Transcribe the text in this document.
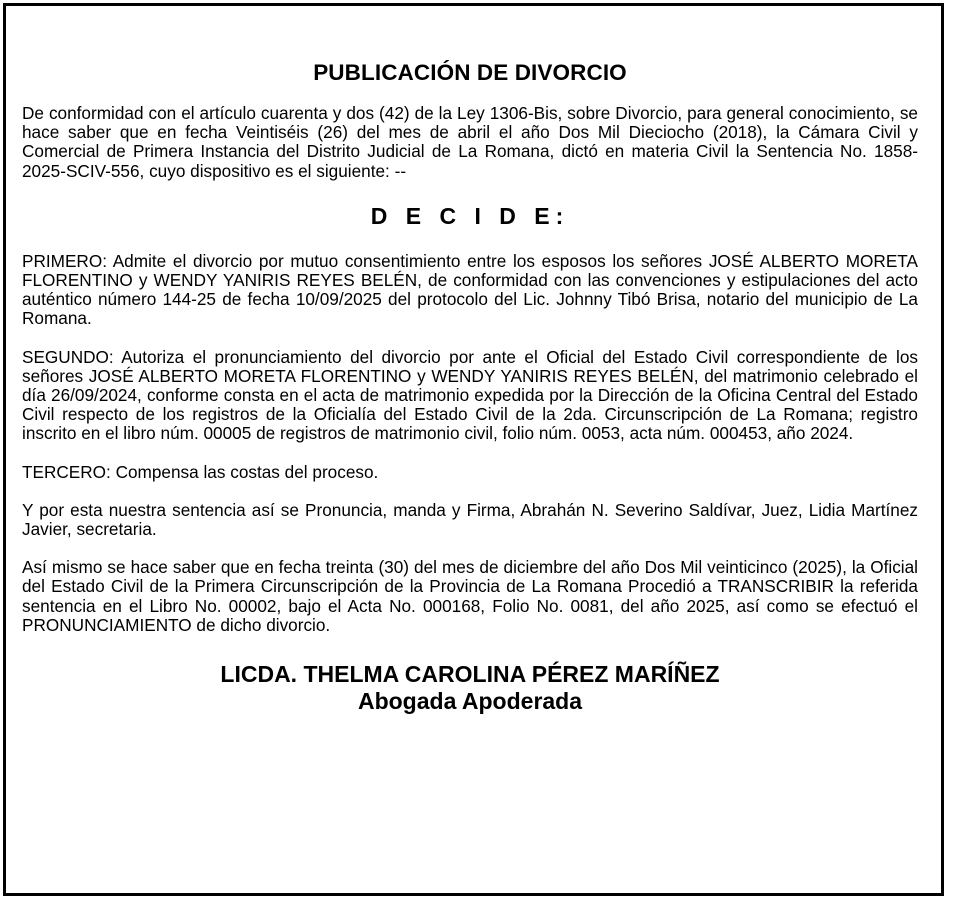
PUBLICACIÓN DE DIVORCIO

De conformidad con el artículo cuarenta y dos (42) de la Ley 1306-Bis, sobre Divorcio, para general conocimiento, se hace saber que en fecha Veintiséis (26) del mes de abril el año Dos Mil Dieciocho (2018), la Cámara Civil y Comercial de Primera Instancia del Distrito Judicial de La Romana, dictó en materia Civil la Sentencia No. 1858-2025-SCIV-556, cuyo dispositivo es el siguiente: --

D E C I D E:

PRIMERO: Admite el divorcio por mutuo consentimiento entre los esposos los señores JOSÉ ALBERTO MORETA FLORENTINO y WENDY YANIRIS REYES BELÉN, de conformidad con las convenciones y estipulaciones del acto auténtico número 144-25 de fecha 10/09/2025 del protocolo del Lic. Johnny Tibó Brisa, notario del municipio de La Romana.

SEGUNDO: Autoriza el pronunciamiento del divorcio por ante el Oficial del Estado Civil correspondiente de los señores JOSÉ ALBERTO MORETA FLORENTINO y WENDY YANIRIS REYES BELÉN, del matrimonio celebrado el día 26/09/2024, conforme consta en el acta de matrimonio expedida por la Dirección de la Oficina Central del Estado Civil respecto de los registros de la Oficialía del Estado Civil de la 2da. Circunscripción de La Romana; registro inscrito en el libro núm. 00005 de registros de matrimonio civil, folio núm. 0053, acta núm. 000453, año 2024.

TERCERO: Compensa las costas del proceso.

Y por esta nuestra sentencia así se Pronuncia, manda y Firma, Abrahán N. Severino Saldívar, Juez, Lidia Martínez Javier, secretaria.

Así mismo se hace saber que en fecha treinta (30) del mes de diciembre del año Dos Mil veinticinco (2025), la Oficial del Estado Civil de la Primera Circunscripción de la Provincia de La Romana Procedió a TRANSCRIBIR la referida sentencia en el Libro No. 00002, bajo el Acta No. 000168, Folio No. 0081, del año 2025, así como se efectuó el PRONUNCIAMIENTO de dicho divorcio.

LICDA. THELMA CAROLINA PÉREZ MARÍÑEZ
Abogada Apoderada
